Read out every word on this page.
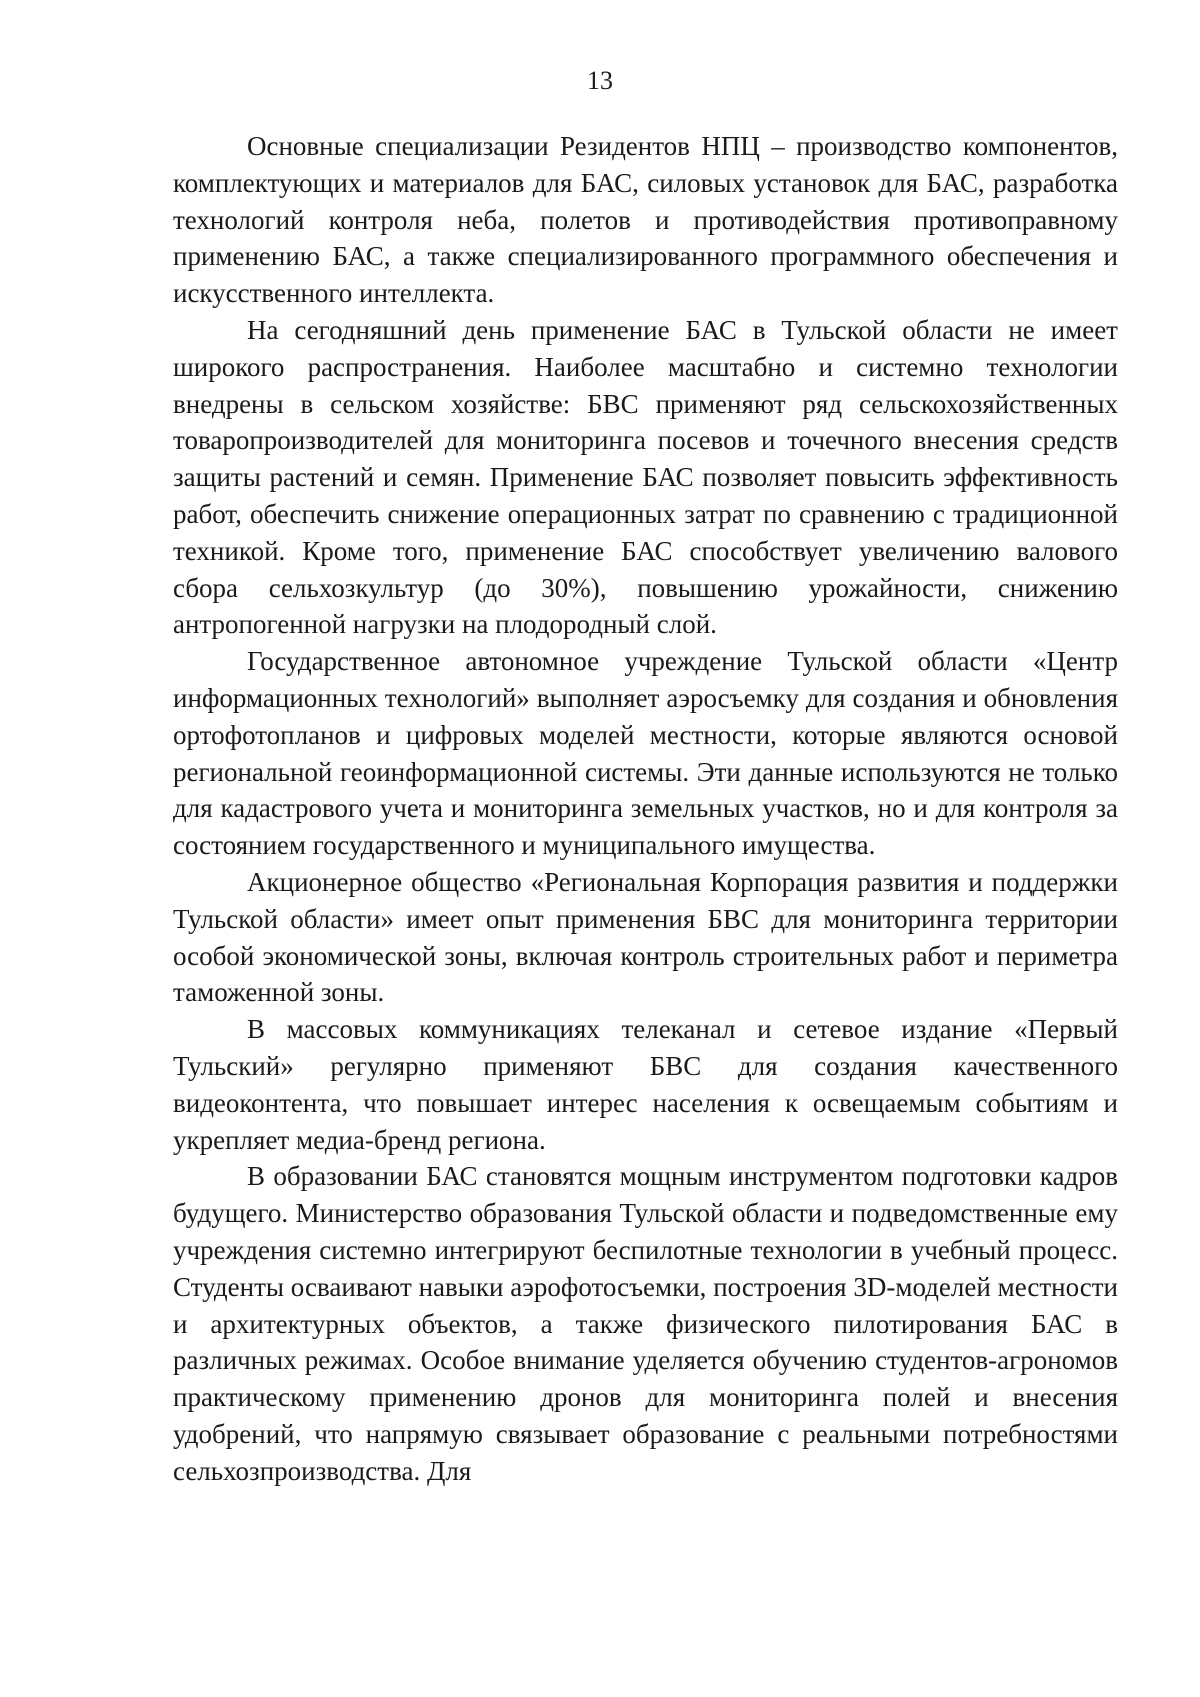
13

Основные специализации Резидентов НПЦ – производство компонентов, комплектующих и материалов для БАС, силовых установок для БАС, разработка технологий контроля неба, полетов и противодействия противоправному применению БАС, а также специализированного программного обеспечения и искусственного интеллекта.

На сегодняшний день применение БАС в Тульской области не имеет широкого распространения. Наиболее масштабно и системно технологии внедрены в сельском хозяйстве: БВС применяют ряд сельскохозяйственных товаропроизводителей для мониторинга посевов и точечного внесения средств защиты растений и семян. Применение БАС позволяет повысить эффективность работ, обеспечить снижение операционных затрат по сравнению с традиционной техникой. Кроме того, применение БАС способствует увеличению валового сбора сельхозкультур (до 30%), повышению урожайности, снижению антропогенной нагрузки на плодородный слой.

Государственное автономное учреждение Тульской области «Центр информационных технологий» выполняет аэросъемку для создания и обновления ортофотопланов и цифровых моделей местности, которые являются основой региональной геоинформационной системы. Эти данные используются не только для кадастрового учета и мониторинга земельных участков, но и для контроля за состоянием государственного и муниципального имущества.

Акционерное общество «Региональная Корпорация развития и поддержки Тульской области» имеет опыт применения БВС для мониторинга территории особой экономической зоны, включая контроль строительных работ и периметра таможенной зоны.

В массовых коммуникациях телеканал и сетевое издание «Первый Тульский» регулярно применяют БВС для создания качественного видеоконтента, что повышает интерес населения к освещаемым событиям и укрепляет медиа-бренд региона.

В образовании БАС становятся мощным инструментом подготовки кадров будущего. Министерство образования Тульской области и подведомственные ему учреждения системно интегрируют беспилотные технологии в учебный процесс. Студенты осваивают навыки аэрофотосъемки, построения 3D-моделей местности и архитектурных объектов, а также физического пилотирования БАС в различных режимах. Особое внимание уделяется обучению студентов-агрономов практическому применению дронов для мониторинга полей и внесения удобрений, что напрямую связывает образование с реальными потребностями сельхозпроизводства. Для
